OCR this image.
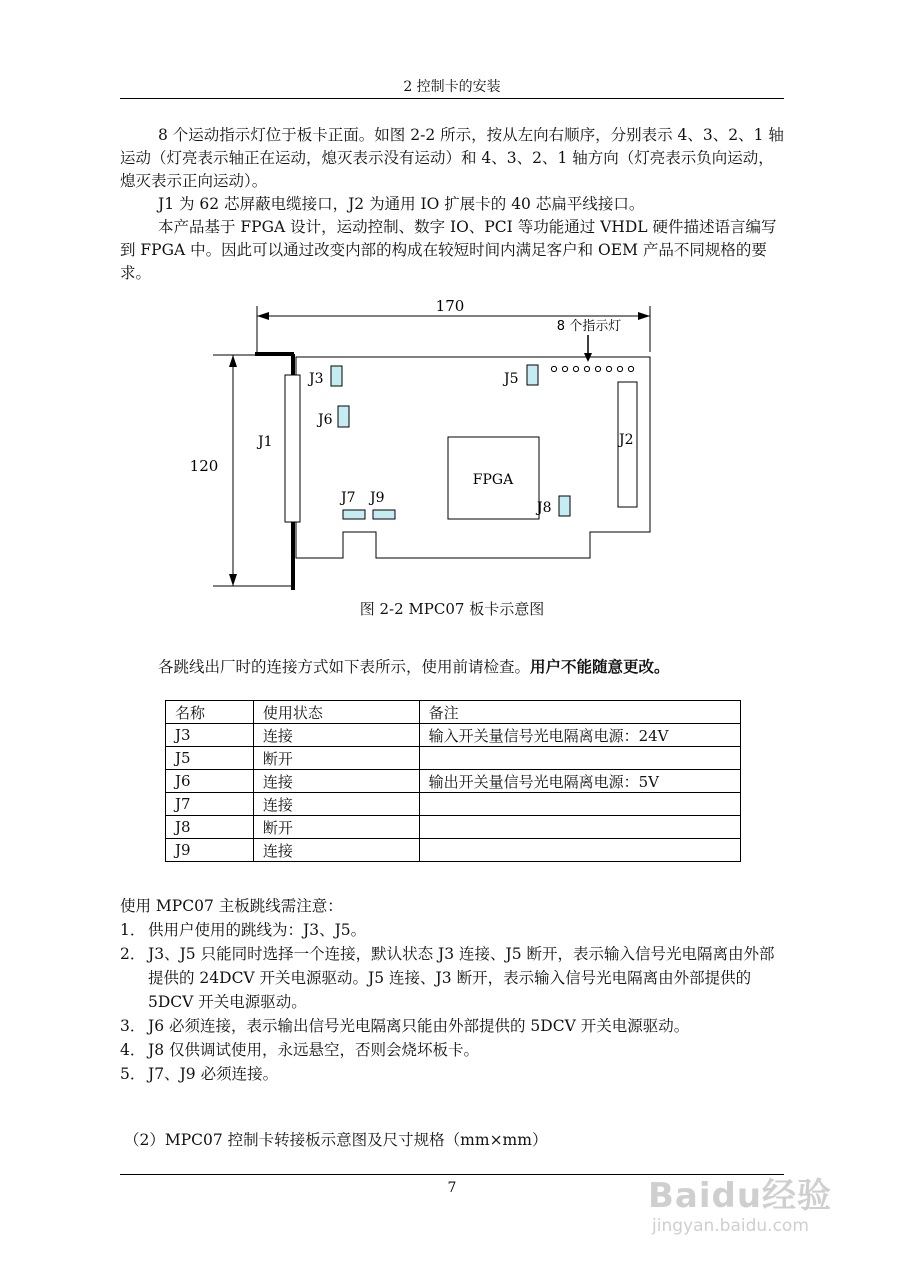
2 控制卡的安装

8 个运动指示灯位于板卡正面。如图 2-2 所示，按从左向右顺序，分别表示 4、3、2、1 轴运动（灯亮表示轴正在运动，熄灭表示没有运动）和 4、3、2、1 轴方向（灯亮表示负向运动，熄灭表示正向运动）。

J1 为 62 芯屏蔽电缆接口，J2 为通用 IO 扩展卡的 40 芯扁平线接口。

本产品基于 FPGA 设计，运动控制、数字 IO、PCI 等功能通过 VHDL 硬件描述语言编写到 FPGA 中。因此可以通过改变内部的构成在较短时间内满足客户和 OEM 产品不同规格的要求。

170
120
J1	J2
FPGA
J3
J6
J5
J7 J9
J8
8 个指示灯
图 2-2 MPC07 板卡示意图

各跳线出厂时的连接方式如下表所示，使用前请检查。用户不能随意更改。

名称	使用状态	备注
J3	连接	输入开关量信号光电隔离电源：24V
J5	断开	
J6	连接	输出开关量信号光电隔离电源：5V
J7	连接	
J8	断开	
J9	连接	
使用 MPC07 主板跳线需注意：
1． 供用户使用的跳线为：J3、J5。
2． J3、J5 只能同时选择一个连接，默认状态 J3 连接、J5 断开，表示输入信号光电隔离由外部提供的 24DCV 开关电源驱动。J5 连接、J3 断开，表示输入信号光电隔离由外部提供的 5DCV 开关电源驱动。
3． J6 必须连接，表示输出信号光电隔离只能由外部提供的 5DCV 开关电源驱动。
4． J8 仅供调试使用，永远悬空，否则会烧坏板卡。
5． J7、J9 必须连接。
（2）MPC07 控制卡转接板示意图及尺寸规格（mm×mm）
7	Baidu经验
jingyan.baidu.com
